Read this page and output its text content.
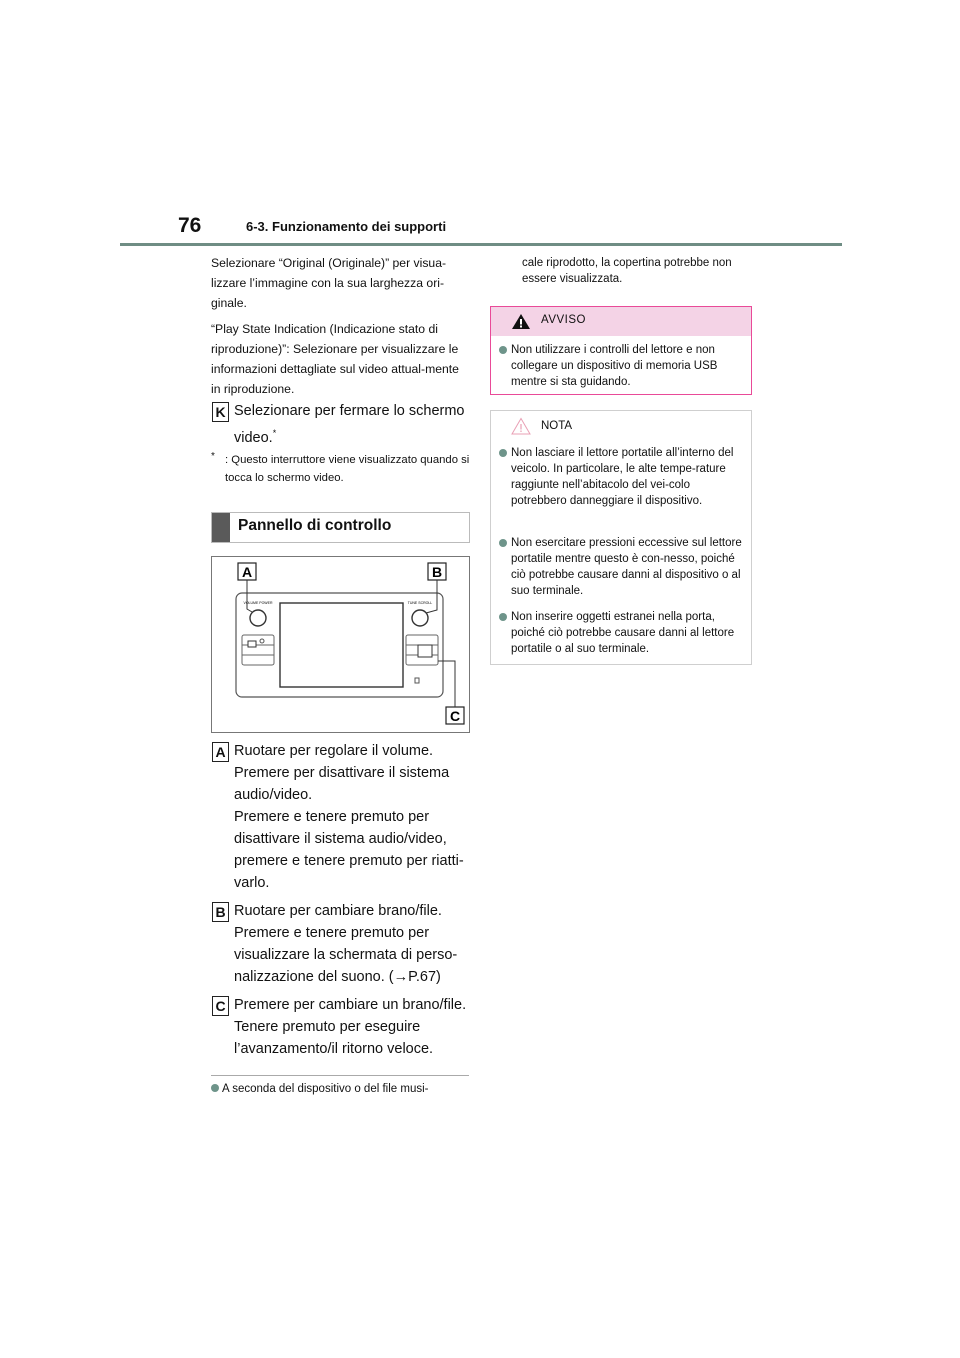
76	6-3. Funzionamento dei supporti

Selezionare “Original (Originale)” per visua-lizzare l’immagine con la sua larghezza ori-ginale.

“Play State Indication (Indicazione stato di riproduzione)”: Selezionare per visualizzare le informazioni dettagliate sul video attual-mente in riproduzione.

K Selezionare per fermare lo schermo video.*
* : Questo interruttore viene visualizzato quando si tocca lo schermo video.
Pannello di controllo
VOLUME POWER	TUNE SCROLL
A	B
C
A Ruotare per regolare il volume.
Premere per disattivare il sistema audio/video.
Premere e tenere premuto per disattivare il sistema audio/video, premere e tenere premuto per riatti-varlo.
B Ruotare per cambiare brano/file.
Premere e tenere premuto per visualizzare la schermata di perso-nalizzazione del suono. (→P.67)
C Premere per cambiare un brano/file.
Tenere premuto per eseguire l’avanzamento/il ritorno veloce.
A seconda del dispositivo o del file musi-
cale riprodotto, la copertina potrebbe non essere visualizzata.
AVVISO
Non utilizzare i controlli del lettore e non collegare un dispositivo di memoria USB mentre si sta guidando.
NOTA
Non lasciare il lettore portatile all’interno del veicolo. In particolare, le alte tempe-rature raggiunte nell’abitacolo del vei-colo potrebbero danneggiare il dispositivo.
Non esercitare pressioni eccessive sul lettore portatile mentre questo è con-nesso, poiché ciò potrebbe causare danni al dispositivo o al suo terminale.
Non inserire oggetti estranei nella porta, poiché ciò potrebbe causare danni al lettore portatile o al suo terminale.
